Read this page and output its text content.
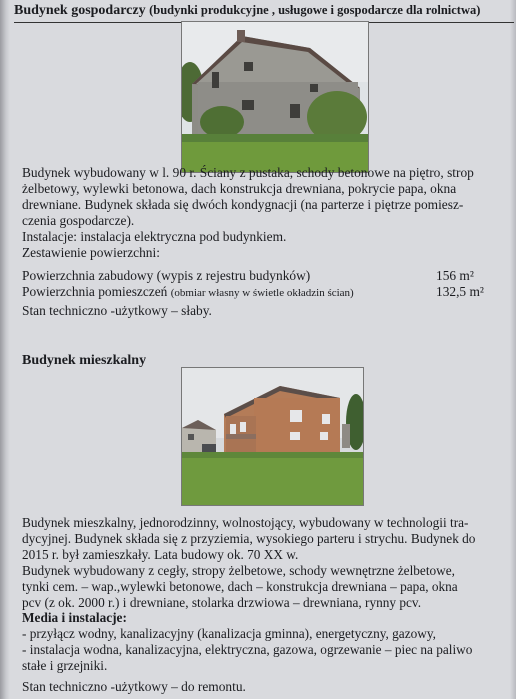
Budynek gospodarczy (budynki produkcyjne , usługowe i gospodarcze dla rolnictwa)

Budynek wybudowany w l. 90 r. Ściany z pustaka, schody betonowe na piętro, strop

żelbetowy, wylewki betonowa, dach konstrukcja drewniana, pokrycie papa, okna

drewniane. Budynek składa się dwóch kondygnacji (na parterze i piętrze pomiesz-

czenia gospodarcze).

Instalacje: instalacja elektryczna pod budynkiem.

Zestawienie powierzchni:

Powierzchnia zabudowy (wypis z rejestru budynków)	156 m²
Powierzchnia pomieszczeń (obmiar własny w świetle okładzin ścian)	132,5 m²
Stan techniczno -użytkowy – słaby.
Budynek mieszkalny

Budynek mieszkalny, jednorodzinny, wolnostojący, wybudowany w technologii tra-

dycyjnej. Budynek składa się z przyziemia, wysokiego parteru i strychu. Budynek do

2015 r. był zamieszkały. Lata budowy ok. 70 XX w.

Budynek wybudowany z cegły, stropy żelbetowe, schody wewnętrzne żelbetowe,

tynki cem. – wap.,wylewki betonowe, dach – konstrukcja drewniana – papa, okna

pcv (z ok. 2000 r.) i drewniane, stolarka drzwiowa – drewniana, rynny pcv.

Media i instalacje:

- przyłącz wodny, kanalizacyjny (kanalizacja gminna), energetyczny, gazowy,

- instalacja wodna, kanalizacyjna, elektryczna, gazowa, ogrzewanie – piec na paliwo

stałe i grzejniki.

Stan techniczno -użytkowy – do remontu.
